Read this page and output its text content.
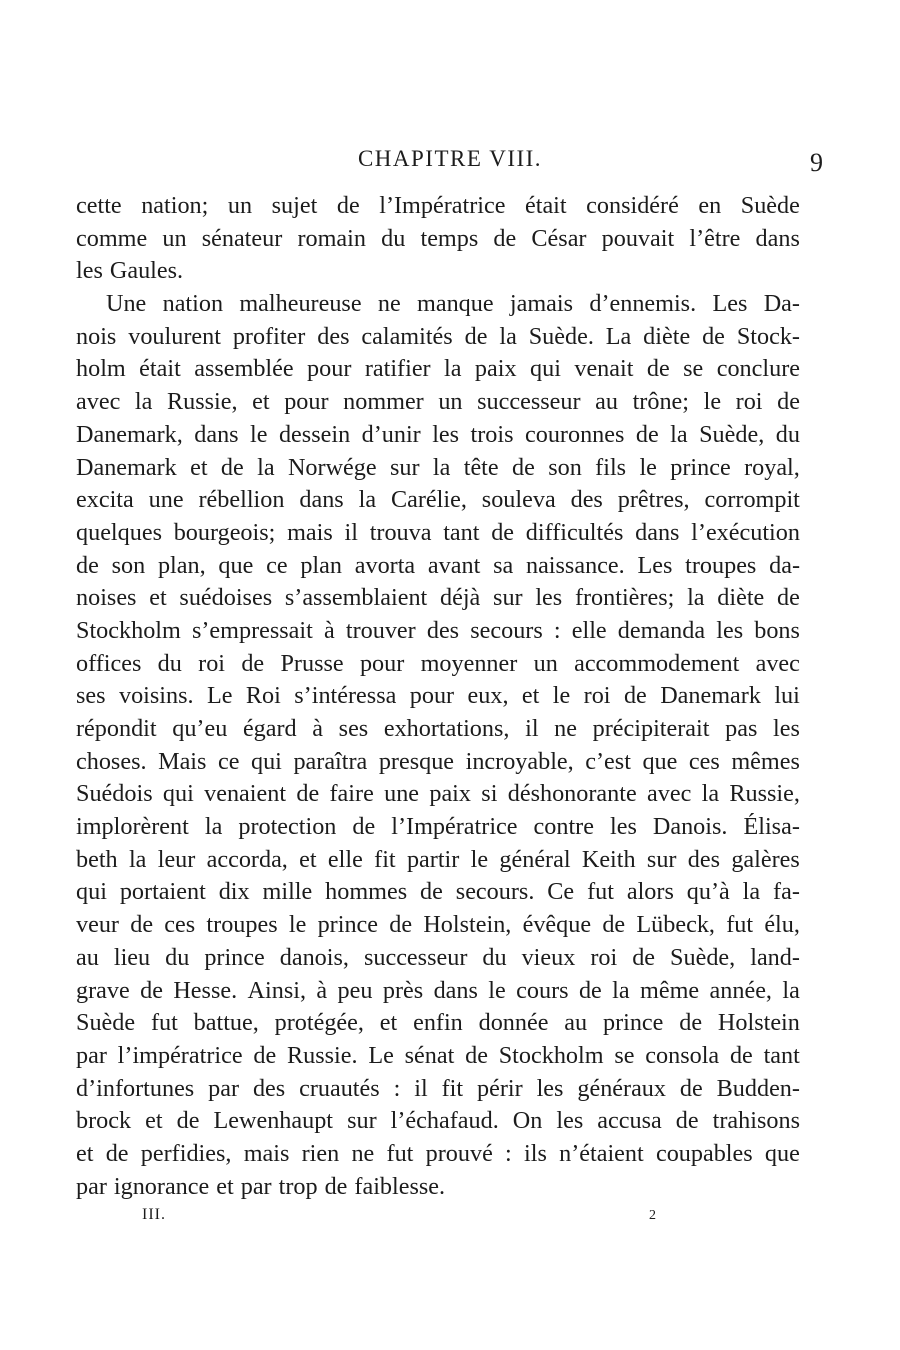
CHAPITRE VIII.	9
cette nation; un sujet de l’Impératrice était considéré en Suède
comme un sénateur romain du temps de César pouvait l’être dans
les Gaules.
Une nation malheureuse ne manque jamais d’ennemis. Les Da-
nois voulurent profiter des calamités de la Suède. La diète de Stock-
holm était assemblée pour ratifier la paix qui venait de se conclure
avec la Russie, et pour nommer un successeur au trône; le roi de
Danemark, dans le dessein d’unir les trois couronnes de la Suède, du
Danemark et de la Norwége sur la tête de son fils le prince royal,
excita une rébellion dans la Carélie, souleva des prêtres, corrompit
quelques bourgeois; mais il trouva tant de difficultés dans l’exécution
de son plan, que ce plan avorta avant sa naissance. Les troupes da-
noises et suédoises s’assemblaient déjà sur les frontières; la diète de
Stockholm s’empressait à trouver des secours : elle demanda les bons
offices du roi de Prusse pour moyenner un accommodement avec
ses voisins. Le Roi s’intéressa pour eux, et le roi de Danemark lui
répondit qu’eu égard à ses exhortations, il ne précipiterait pas les
choses. Mais ce qui paraîtra presque incroyable, c’est que ces mêmes
Suédois qui venaient de faire une paix si déshonorante avec la Russie,
implorèrent la protection de l’Impératrice contre les Danois. Élisa-
beth la leur accorda, et elle fit partir le général Keith sur des galères
qui portaient dix mille hommes de secours. Ce fut alors qu’à la fa-
veur de ces troupes le prince de Holstein, évêque de Lübeck, fut élu,
au lieu du prince danois, successeur du vieux roi de Suède, land-
grave de Hesse. Ainsi, à peu près dans le cours de la même année, la
Suède fut battue, protégée, et enfin donnée au prince de Holstein
par l’impératrice de Russie. Le sénat de Stockholm se consola de tant
d’infortunes par des cruautés : il fit périr les généraux de Budden-
brock et de Lewenhaupt sur l’échafaud. On les accusa de trahisons
et de perfidies, mais rien ne fut prouvé : ils n’étaient coupables que
par ignorance et par trop de faiblesse.
III.	2
